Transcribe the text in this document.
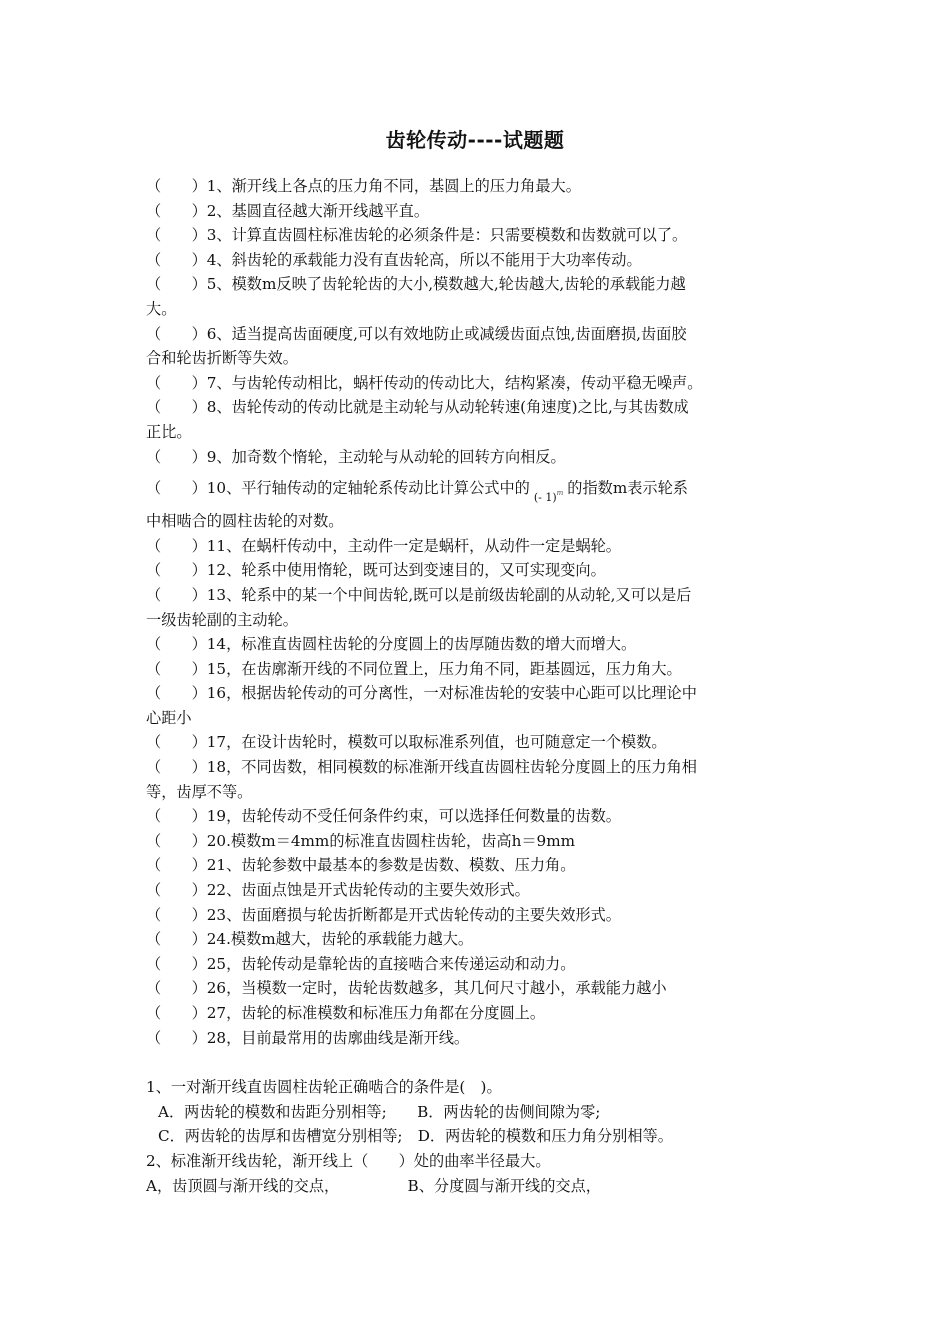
齿轮传动----试题题
（　　）1、渐开线上各点的压力角不同，基圆上的压力角最大。
（　　）2、基圆直径越大渐开线越平直。
（　　）3、计算直齿圆柱标准齿轮的必须条件是：只需要模数和齿数就可以了。
（　　）4、斜齿轮的承载能力没有直齿轮高，所以不能用于大功率传动。
（　　）5、模数m反映了齿轮轮齿的大小,模数越大,轮齿越大,齿轮的承载能力越
大。
（　　）6、适当提高齿面硬度,可以有效地防止或减缓齿面点蚀,齿面磨损,齿面胶
合和轮齿折断等失效。
（　　）7、与齿轮传动相比，蜗杆传动的传动比大，结构紧凑，传动平稳无噪声。
（　　）8、齿轮传动的传动比就是主动轮与从动轮转速(角速度)之比,与其齿数成
正比。
（　　）9、加奇数个惰轮，主动轮与从动轮的回转方向相反。
（　　）10、平行轴传动的定轴轮系传动比计算公式中的$_{(- 1)^m}$ 的指数m表示轮系
中相啮合的圆柱齿轮的对数。
（　　）11、在蜗杆传动中，主动件一定是蜗杆，从动件一定是蜗轮。
（　　）12、轮系中使用惰轮，既可达到变速目的，又可实现变向。
（　　）13、轮系中的某一个中间齿轮,既可以是前级齿轮副的从动轮,又可以是后
一级齿轮副的主动轮。
（　　）14，标准直齿圆柱齿轮的分度圆上的齿厚随齿数的增大而增大。
（　　）15，在齿廓渐开线的不同位置上，压力角不同，距基圆远，压力角大。
（　　）16，根据齿轮传动的可分离性，一对标准齿轮的安装中心距可以比理论中
心距小
（　　）17，在设计齿轮时，模数可以取标准系列值，也可随意定一个模数。
（　　）18，不同齿数，相同模数的标准渐开线直齿圆柱齿轮分度圆上的压力角相
等，齿厚不等。
（　　）19，齿轮传动不受任何条件约束，可以选择任何数量的齿数。
（　　）20.模数m＝4mm的标准直齿圆柱齿轮，齿高h＝9mm
（　　）21、齿轮参数中最基本的参数是齿数、模数、压力角。
（　　）22、齿面点蚀是开式齿轮传动的主要失效形式。
（　　）23、齿面磨损与轮齿折断都是开式齿轮传动的主要失效形式。
（　　）24.模数m越大，齿轮的承载能力越大。
（　　）25，齿轮传动是靠轮齿的直接啮合来传递运动和动力。
（　　）26，当模数一定时，齿轮齿数越多，其几何尺寸越小，承载能力越小
（　　）27，齿轮的标准模数和标准压力角都在分度圆上。
（　　）28，目前最常用的齿廓曲线是渐开线。
1、一对渐开线直齿圆柱齿轮正确啮合的条件是(　)。
A．两齿轮的模数和齿距分别相等;　　B．两齿轮的齿侧间隙为零;
C．两齿轮的齿厚和齿槽宽分别相等;　D．两齿轮的模数和压力角分别相等。
2、标准渐开线齿轮，渐开线上（　　）处的曲率半径最大。
A，齿顶圆与渐开线的交点，　　　　　B、分度圆与渐开线的交点，
